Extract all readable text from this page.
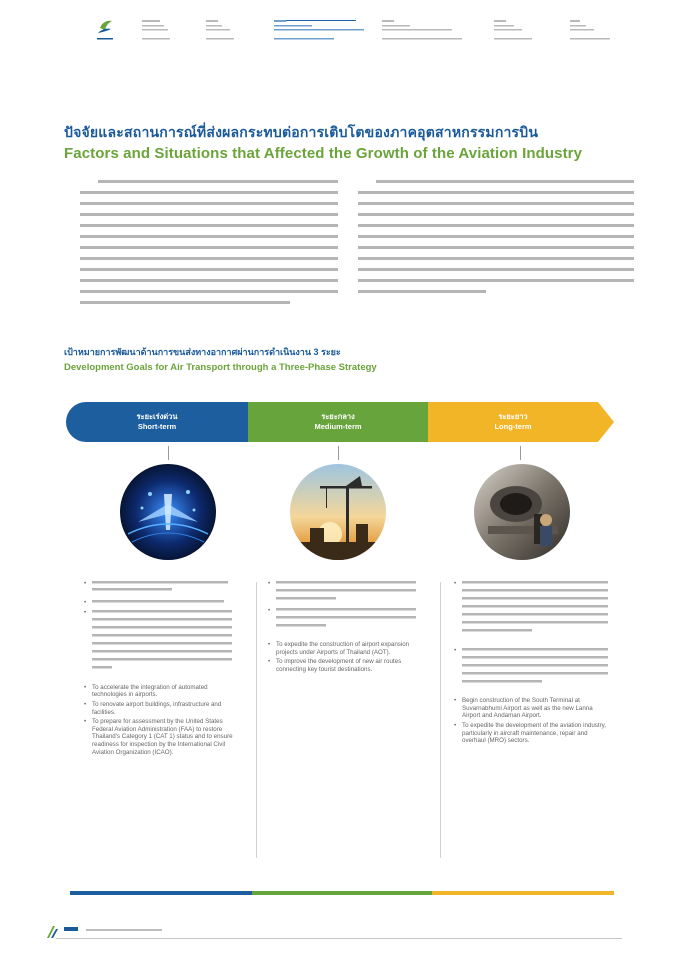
ปัจจัยและสถานการณ์ที่ส่งผลกระทบต่อการเติบโตของภาคอุตสาหกรรมการบิน
Factors and Situations that Affected the Growth of the Aviation Industry
เป้าหมายการพัฒนาด้านการขนส่งทางอากาศผ่านการดำเนินงาน 3 ระยะ
Development Goals for Air Transport through a Three-Phase Strategy
ระยะเร่งด่วน
Short-term
ระยะกลาง
Medium-term
ระยะยาว
Long-term
•
•
•
• To accelerate the integration of automated technologies in airports.
• To renovate airport buildings, infrastructure and facilities.
• To prepare for assessment by the United States Federal Aviation Administration (FAA) to restore Thailand's Category 1 (CAT 1) status and to ensure readiness for inspection by the International Civil Aviation Organization (ICAO).
•
•
• To expedite the construction of airport expansion projects under Airports of Thailand (AOT).
• To improve the development of new air routes connecting key tourist destinations.
•
•
• Begin construction of the South Terminal at Suvarnabhumi Airport as well as the new Lanna Airport and Andaman Airport.
• To expedite the development of the aviation industry, particularly in aircraft maintenance, repair and overhaul (MRO) sectors.
